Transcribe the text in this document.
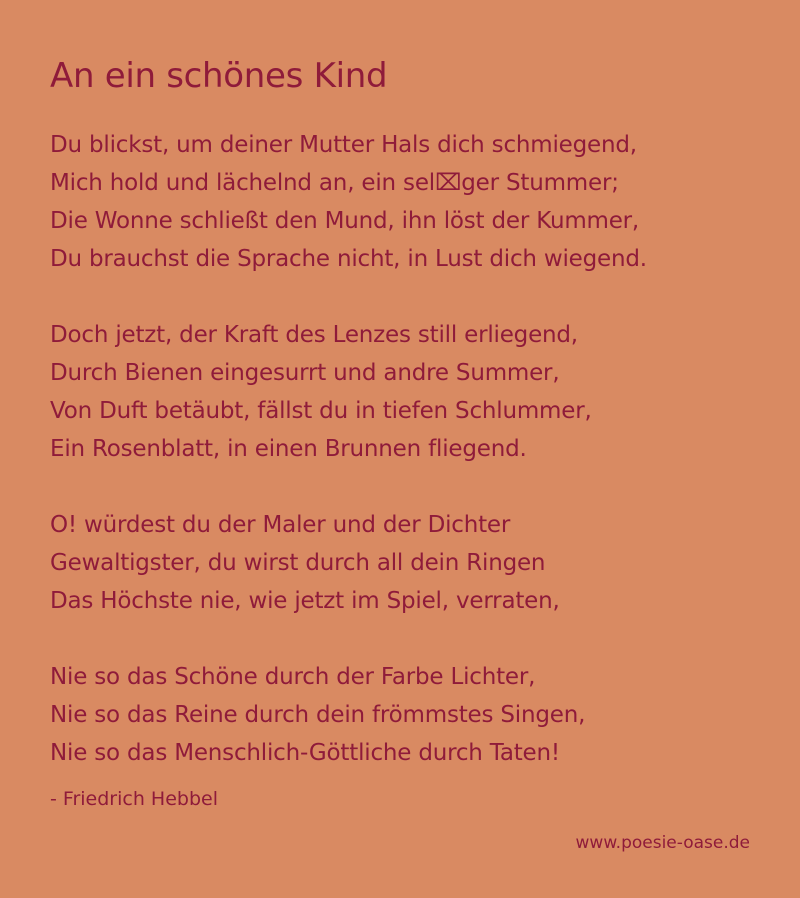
An ein schönes Kind
Du blickst, um deiner Mutter Hals dich schmiegend,
Mich hold und lächelnd an, ein sel⌧ger Stummer;
Die Wonne schließt den Mund, ihn löst der Kummer,
Du brauchst die Sprache nicht, in Lust dich wiegend.
Doch jetzt, der Kraft des Lenzes still erliegend,
Durch Bienen eingesurrt und andre Summer,
Von Duft betäubt, fällst du in tiefen Schlummer,
Ein Rosenblatt, in einen Brunnen fliegend.
O! würdest du der Maler und der Dichter
Gewaltigster, du wirst durch all dein Ringen
Das Höchste nie, wie jetzt im Spiel, verraten,
Nie so das Schöne durch der Farbe Lichter,
Nie so das Reine durch dein frömmstes Singen,
Nie so das Menschlich-Göttliche durch Taten!
- Friedrich Hebbel
www.poesie-oase.de
